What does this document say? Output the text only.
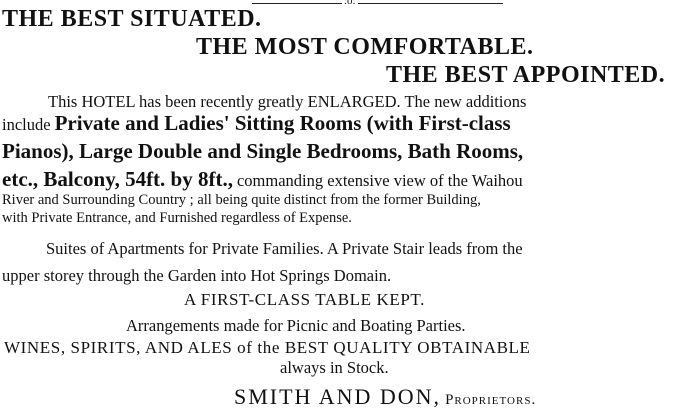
:o:
THE BEST SITUATED.
THE MOST COMFORTABLE.
THE BEST APPOINTED.
This HOTEL has been recently greatly ENLARGED. The new additions
include Private and Ladies' Sitting Rooms (with First-class
Pianos), Large Double and Single Bedrooms, Bath Rooms,
etc., Balcony, 54ft. by 8ft., commanding extensive view of the Waihou
River and Surrounding Country ; all being quite distinct from the former Building,
with Private Entrance, and Furnished regardless of Expense.
Suites of Apartments for Private Families. A Private Stair leads from the
upper storey through the Garden into Hot Springs Domain.
A FIRST-CLASS TABLE KEPT.
Arrangements made for Picnic and Boating Parties.
WINES, SPIRITS, AND ALES of the BEST QUALITY OBTAINABLE
always in Stock.
SMITH AND DON, Proprietors.
